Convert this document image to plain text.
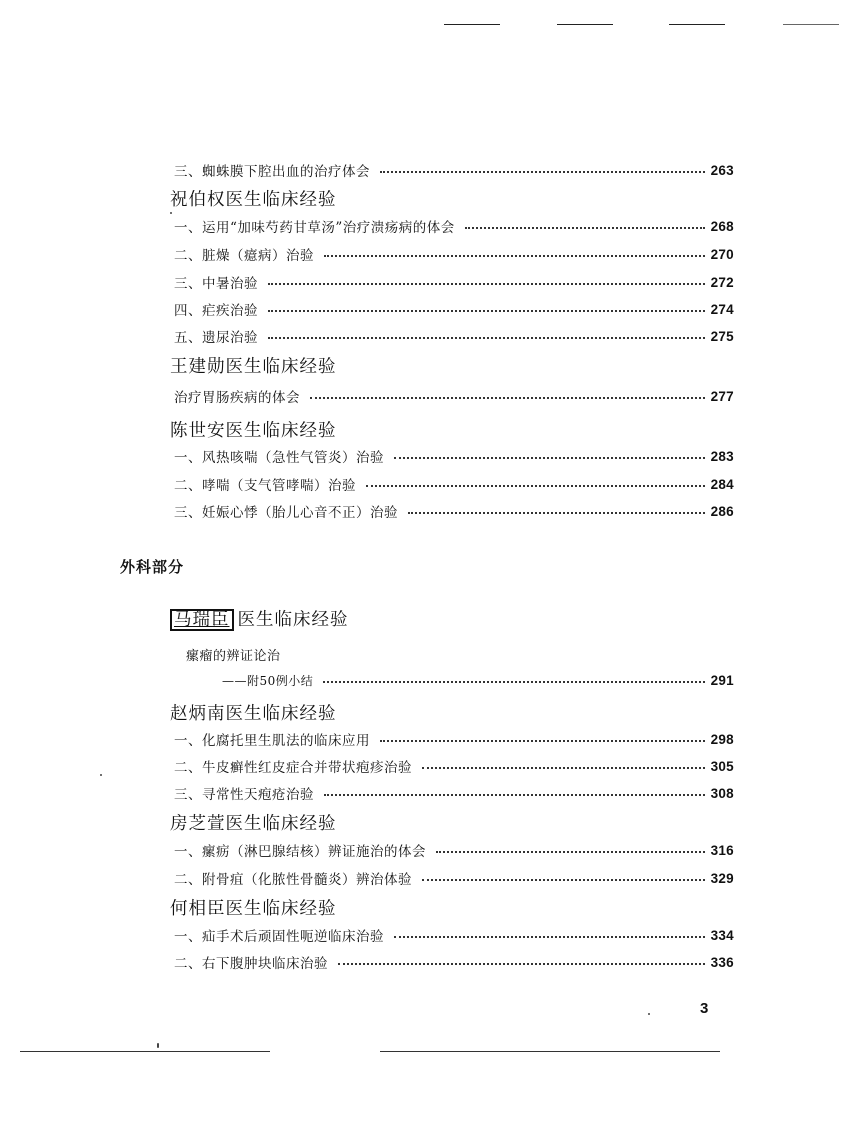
三、蜘蛛膜下腔出血的治疗体会	263
祝伯权医生临床经验
一、运用“加味芍药甘草汤”治疗溃疡病的体会	268
二、脏燥（癔病）治验	270
三、中暑治验	272
四、疟疾治验	274
五、遗尿治验	275
王建勋医生临床经验
治疗胃肠疾病的体会	277
陈世安医生临床经验
一、风热咳喘（急性气管炎）治验	283
二、哮喘（支气管哮喘）治验	284
三、妊娠心悸（胎儿心音不正）治验	286
外科部分
马瑞臣 医生临床经验
瘰瘤的辨证论治
——附50例小结	291
赵炳南医生临床经验
一、化腐托里生肌法的临床应用	298
二、牛皮癣性红皮症合并带状疱疹治验	305
三、寻常性天疱疮治验	308
房芝萱医生临床经验
一、瘰疬（淋巴腺结核）辨证施治的体会	316
二、附骨疽（化脓性骨髓炎）辨治体验	329
何相臣医生临床经验
一、疝手术后顽固性呃逆临床治验	334
二、右下腹肿块临床治验	336
3
